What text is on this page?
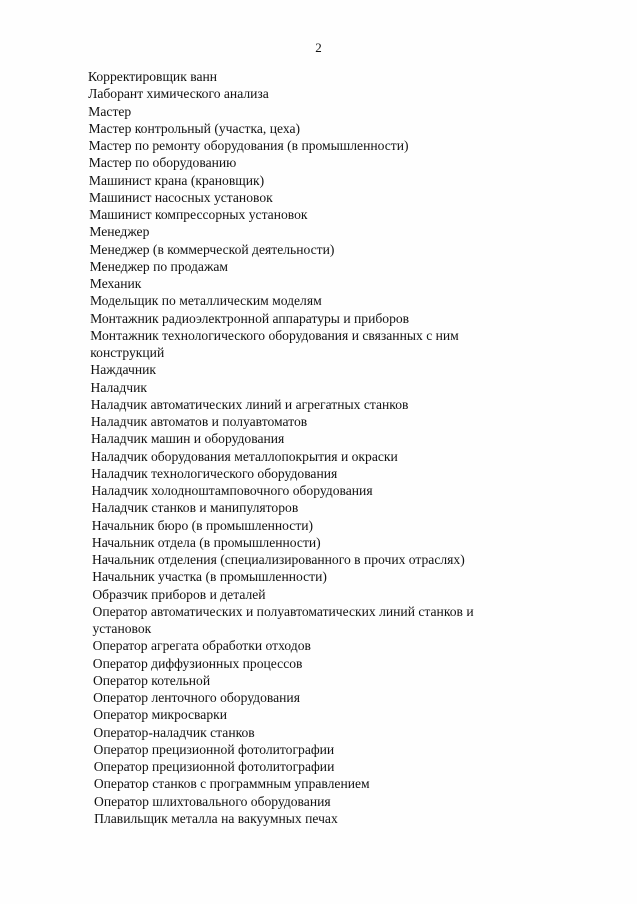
2
Корректировщик ванн
Лаборант химического анализа
Мастер
Мастер контрольный (участка, цеха)
Мастер по ремонту оборудования (в промышленности)
Мастер по оборудованию
Машинист крана (крановщик)
Машинист насосных установок
Машинист компрессорных установок
Менеджер
Менеджер (в коммерческой деятельности)
Менеджер по продажам
Механик
Модельщик по металлическим моделям
Монтажник радиоэлектронной аппаратуры и приборов
Монтажник технологического оборудования и связанных с ним конструкций
Наждачник
Наладчик
Наладчик автоматических линий и агрегатных станков
Наладчик автоматов и полуавтоматов
Наладчик машин и оборудования
Наладчик оборудования металлопокрытия и окраски
Наладчик технологического оборудования
Наладчик холодноштамповочного оборудования
Наладчик станков и манипуляторов
Начальник бюро (в промышленности)
Начальник отдела (в промышленности)
Начальник отделения (специализированного в прочих отраслях)
Начальник участка (в промышленности)
Образчик приборов и деталей
Оператор автоматических и полуавтоматических линий станков и установок
Оператор агрегата обработки отходов
Оператор диффузионных процессов
Оператор котельной
Оператор ленточного оборудования
Оператор микросварки
Оператор-наладчик станков
Оператор прецизионной фотолитографии
Оператор прецизионной фотолитографии
Оператор станков с программным управлением
Оператор шлихтовального оборудования
Плавильщик металла на вакуумных печах
